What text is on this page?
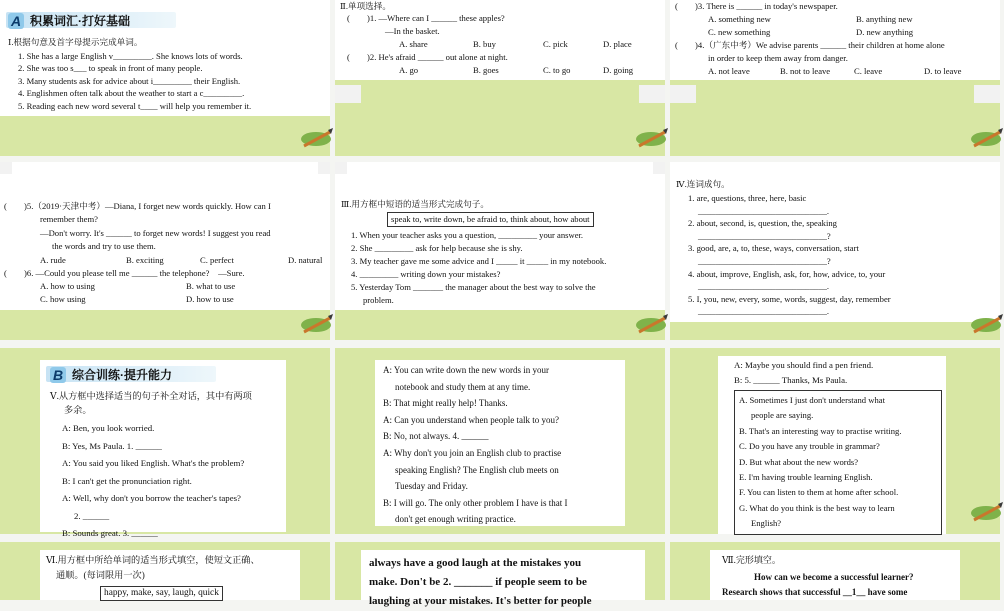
A 积累词汇·打好基础
Ⅰ.根据句意及首字母提示完成单词。
1. She has a large English v_________. She knows lots of words.
2. She was too s___ to speak in front of many people.
3. Many students ask for advice about i_________ their English.
4. Englishmen often talk about the weather to start a c_________.
5. Reading each new word several t____ will help you remember it.
Ⅱ.单项选择。
(　　)1. —Where can I ______ these apples?
—In the basket.
A. share	B. buy	C. pick	D. place
(　　)2. He's afraid ______ out alone at night.
A. go	B. goes	C. to go	D. going
(　　)3. There is ______ in today's newspaper.
A. something new	B. anything new
C. new something	D. new anything
(　　)4.（广东中考）We advise parents ______ their children at home alone
in order to keep them away from danger.
A. not leave	B. not to leave	C. leave	D. to leave
(　　)5.（2019·天津中考）—Diana, I forget new words quickly. How can I
remember them?
—Don't worry. It's ______ to forget new words! I suggest you read
the words and try to use them.
A. rude	B. exciting	C. perfect	D. natural
(　　)6. —Could you please tell me ______ the telephone?　—Sure.
A. how to using	B. what to use
C. how using	D. how to use
Ⅲ.用方框中短语的适当形式完成句子。
speak to, write down, be afraid to, think about, how about
1. When your teacher asks you a question, _________ your answer.
2. She _________ ask for help because she is shy.
3. My teacher gave me some advice and I _____ it _____ in my notebook.
4. _________ writing down your mistakes?
5. Yesterday Tom _______ the manager about the best way to solve the
problem.
Ⅳ.连词成句。
1. are, questions, three, here, basic
______________________________.
2. about, second, is, question, the, speaking
______________________________?
3. good, are, a, to, these, ways, conversation, start
______________________________?
4. about, improve, English, ask, for, how, advice, to, your
______________________________.
5. I, you, new, every, some, words, suggest, day, remember
______________________________.
B 综合训练·提升能力
Ⅴ.从方框中选择适当的句子补全对话，其中有两项
多余。
A: Ben, you look worried.
B: Yes, Ms Paula. 1. ______
A: You said you liked English. What's the problem?
B: I can't get the pronunciation right.
A: Well, why don't you borrow the teacher's tapes?
2. ______
B: Sounds great. 3. ______
A: You can write down the new words in your
notebook and study them at any time.
B: That might really help! Thanks.
A: Can you understand when people talk to you?
B: No, not always. 4. ______
A: Why don't you join an English club to practise
speaking English? The English club meets on
Tuesday and Friday.
B: I will go. The only other problem I have is that I
don't get enough writing practice.
A: Maybe you should find a pen friend.
B: 5. ______ Thanks, Ms Paula.
A. Sometimes I just don't understand what
people are saying.
B. That's an interesting way to practise writing.
C. Do you have any trouble in grammar?
D. But what about the new words?
E. I'm having trouble learning English.
F. You can listen to them at home after school.
G. What do you think is the best way to learn
English?
Ⅵ.用方框中所给单词的适当形式填空，使短文正确、
通顺。(每词限用一次)
happy, make, say, laugh, quick
always have a good laugh at the mistakes you
make. Don't be 2. _______ if people seem to be
laughing at your mistakes. It's better for people
Ⅶ.完形填空。
How can we become a successful learner?
Research shows that successful __1__ have some
